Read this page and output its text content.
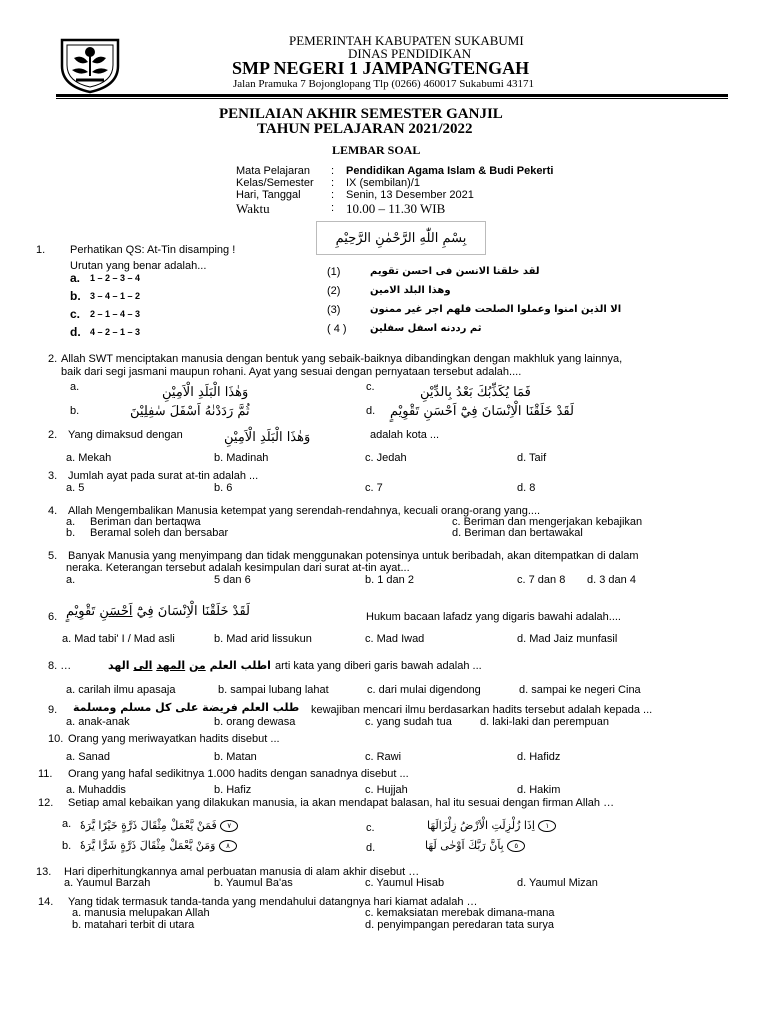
PEMERINTAH KABUPATEN SUKABUMI
DINAS PENDIDIKAN
SMP NEGERI 1 JAMPANGTENGAH
Jalan Pramuka 7 Bojonglopang Tlp (0266) 460017 Sukabumi 43171
PENILAIAN AKHIR SEMESTER GANJIL
TAHUN PELAJARAN 2021/2022
LEMBAR SOAL
Mata Pelajaran : Pendidikan Agama Islam & Budi Pekerti
Kelas/Semester : IX (sembilan)/1
Hari, Tanggal	: Senin, 13 Desember 2021
Waktu	: 10.00 – 11.30 WIB
بِسْمِ اللّٰهِ الرَّحْمٰنِ الرَّحِيْمِ
1. Perhatikan QS: At-Tin disamping !
Urutan yang benar adalah...
a. 1 – 2 – 3 – 4
b. 3 – 4 – 1 – 2
c. 2 – 1 – 4 – 3
d. 4 – 2 – 1 – 3
(1)	لقد خلقنا الانسن فى احسن تقويم
(2)	وهذا البلد الامين
(3)	الا الذين امنوا وعملوا الصلحت فلهم اجر غير ممنون
( 4 ) ثم رددنه اسفل سفلين
2. Allah SWT menciptakan manusia dengan bentuk yang sebaik-baiknya dibandingkan dengan makhluk yang lainnya,
baik dari segi jasmani maupun rohani. Ayat yang sesuai dengan pernyataan tersebut adalah....
a.	وَهٰذَا الْبَلَدِ الْاَمِيْنِ
b.	ثُمَّ رَدَدْنٰهُ اَسْفَلَ سٰفِلِيْنَ
c.	فَمَا يُكَذِّبُكَ بَعْدُ بِالدِّيْنِ
d. لَقَدْ خَلَقْنَا الْاِنْسَانَ فِيْٓ اَحْسَنِ تَقْوِيْمٍ
2. Yang dimaksud dengan	وَهٰذَا الْبَلَدِ الْاَمِيْنِ	adalah kota ...
a. Mekah	b. Madinah	c. Jedah	d. Taif
3. Jumlah ayat pada surat at-tin adalah ...
a. 5	b. 6	c. 7	d. 8
4. Allah Mengembalikan Manusia ketempat yang serendah-rendahnya, kecuali orang-orang yang....
a. Beriman dan bertaqwa
b. Beramal soleh dan bersabar
c. Beriman dan mengerjakan kebajikan
d. Beriman dan bertawakal
5. Banyak Manusia yang menyimpang dan tidak menggunakan potensinya untuk beribadah, akan ditempatkan di dalam
neraka. Keterangan tersebut adalah kesimpulan dari surat at-tin ayat...
a.	5 dan 6	b. 1 dan 2	c. 7 dan 8 d. 3 dan 4
6.	لَقَدْ خَلَقْنَا الْاِنْسَانَ فِيْٓ اَحْسَنِ تَقْوِيْمٍ	Hukum bacaan lafadz yang digaris bawahi adalah....
a. Mad tabi' I / Mad asli	b. Mad arid lissukun	c. Mad Iwad	d. Mad Jaiz munfasil
8. …	اطلب العلم من المهد الى الهد	arti kata yang diberi garis bawah adalah ...
a. carilah ilmu apasaja	b. sampai lubang lahat	c. dari mulai digendong	d. sampai ke negeri Cina
9. طلب العلم فريضة على كل مسلم ومسلمة kewajiban mencari ilmu berdasarkan hadits tersebut adalah kepada ...
a. anak-anak	b. orang dewasa	c. yang sudah tua	d. laki-laki dan perempuan
10. Orang yang meriwayatkan hadits disebut ...
a. Sanad	b. Matan	c. Rawi	d. Hafidz
11. Orang yang hafal sedikitnya 1.000 hadits dengan sanadnya disebut ...
a. Muhaddis	b. Hafiz	c. Hujjah	d. Hakim
12. Setiap amal kebaikan yang dilakukan manusia, ia akan mendapat balasan, hal itu sesuai dengan firman Allah …
a.	٧ فَمَنْ يَّعْمَلْ مِثْقَالَ ذَرَّةٍ خَيْرًا يَّرَهٗ
b.	٨ وَمَنْ يَّعْمَلْ مِثْقَالَ ذَرَّةٍ شَرًّا يَّرَهٗ
c.	١ اِذَا زُلْزِلَتِ الْاَرْضُ زِلْزَالَهَا
d.	٥ بِاَنَّ رَبَّكَ اَوْحٰى لَهَا
13. Hari diperhitungkannya amal perbuatan manusia di alam akhir disebut …
a. Yaumul Barzah	b. Yaumul Ba'as	c. Yaumul Hisab	d. Yaumul Mizan
14. Yang tidak termasuk tanda-tanda yang mendahului datangnya hari kiamat adalah …
a. manusia melupakan Allah
b. matahari terbit di utara
c. kemaksiatan merebak dimana-mana
d. penyimpangan peredaran tata surya
